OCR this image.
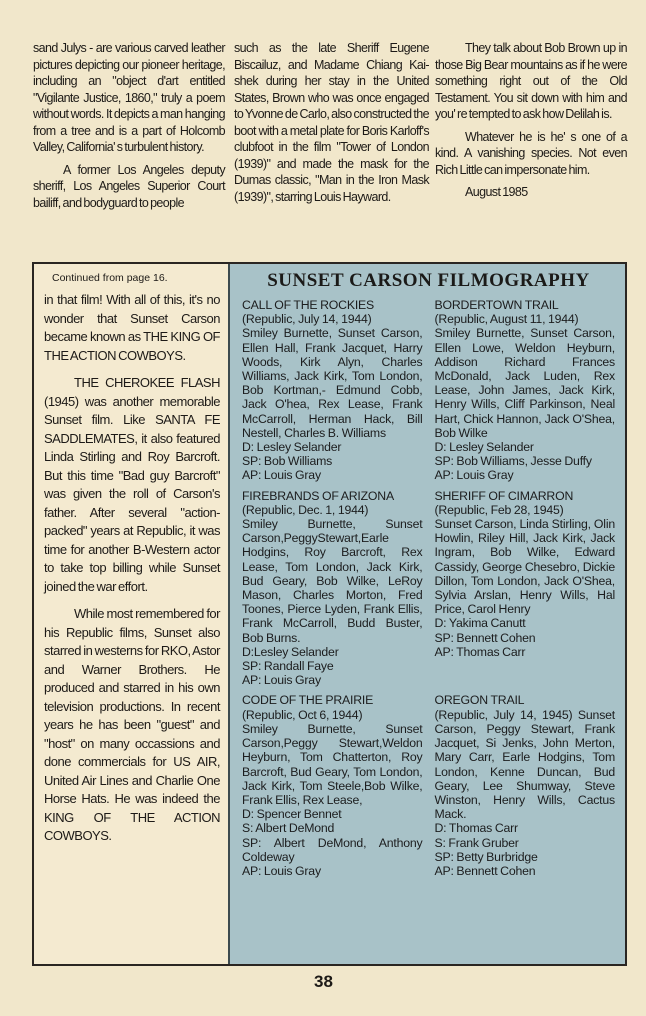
sand Julys - are various carved leather pictures depicting our pioneer heritage, including an "object d'art entitled "Vigilante Justice, 1860," truly a poem without words. It depicts a man hanging from a tree and is a part of Holcomb Valley, California' s turbulent history.

A former Los Angeles deputy sheriff, Los Angeles Superior Court bailiff, and bodyguard to people

such as the late Sheriff Eugene Biscailuz, and Madame Chiang Kai-shek during her stay in the United States, Brown who was once engaged to Yvonne de Carlo, also constructed the boot with a metal plate for Boris Karloff's clubfoot in the film "Tower of London (1939)" and made the mask for the Dumas classic, "Man in the Iron Mask (1939)", starring Louis Hayward.

They talk about Bob Brown up in those Big Bear mountains as if he were something right out of the Old Testament. You sit down with him and you' re tempted to ask how Delilah is.

Whatever he is he' s one of a kind. A vanishing species. Not even Rich Little can impersonate him.

August 1985

Continued from page 16.

in that film! With all of this, it's no wonder that Sunset Carson became known as THE KING OF THE ACTION COWBOYS.

THE CHEROKEE FLASH (1945) was another memorable Sunset film. Like SANTA FE SADDLEMATES, it also featured Linda Stirling and Roy Barcroft. But this time "Bad guy Barcroft" was given the roll of Carson's father. After several "action-packed" years at Republic, it was time for another B-Western actor to take top billing while Sunset joined the war effort.

While most remembered for his Republic films, Sunset also starred in westerns for RKO, Astor and Warner Brothers. He produced and starred in his own television productions. In recent years he has been "guest" and "host" on many occassions and done commercials for US AIR, United Air Lines and Charlie One Horse Hats. He was indeed the KING OF THE ACTION COWBOYS.

SUNSET CARSON FILMOGRAPHY
CALL OF THE ROCKIES
(Republic, July 14, 1944)
Smiley Burnette, Sunset Carson, Ellen Hall, Frank Jacquet, Harry Woods, Kirk Alyn, Charles Williams, Jack Kirk, Tom London, Bob Kortman,- Edmund Cobb, Jack O'hea, Rex Lease, Frank McCarroll, Herman Hack, Bill Nestell, Charles B. Williams
D: Lesley Selander
SP: Bob Williams
AP: Louis Gray
BORDERTOWN TRAIL
(Republic, August 11, 1944)
Smiley Burnette, Sunset Carson, Ellen Lowe, Weldon Heyburn, Addison Richard Frances McDonald, Jack Luden, Rex Lease, John James, Jack Kirk, Henry Wills, Cliff Parkinson, Neal Hart, Chick Hannon, Jack O'Shea, Bob Wilke
D: Lesley Selander
SP: Bob Williams, Jesse Duffy
AP: Louis Gray
FIREBRANDS OF ARIZONA
(Republic, Dec. 1, 1944)
Smiley Burnette, Sunset Carson,PeggyStewart,Earle Hodgins, Roy Barcroft, Rex Lease, Tom London, Jack Kirk, Bud Geary, Bob Wilke, LeRoy Mason, Charles Morton, Fred Toones, Pierce Lyden, Frank Ellis, Frank McCarroll, Budd Buster, Bob Burns.
D:Lesley Selander
SP: Randall Faye
AP: Louis Gray
SHERIFF OF CIMARRON
(Republic, Feb 28, 1945)
Sunset Carson, Linda Stirling, Olin Howlin, Riley Hill, Jack Kirk, Jack Ingram, Bob Wilke, Edward Cassidy, George Chesebro, Dickie Dillon, Tom London, Jack O'Shea, Sylvia Arslan, Henry Wills, Hal Price, Carol Henry
D: Yakima Canutt
SP: Bennett Cohen
AP: Thomas Carr
CODE OF THE PRAIRIE
(Republic, Oct 6, 1944)
Smiley Burnette, Sunset Carson,Peggy Stewart,Weldon Heyburn, Tom Chatterton, Roy Barcroft, Bud Geary, Tom London, Jack Kirk, Tom Steele,Bob Wilke, Frank Ellis, Rex Lease,
D: Spencer Bennet
S: Albert DeMond
SP: Albert DeMond, Anthony Coldeway
AP: Louis Gray
OREGON TRAIL
(Republic, July 14, 1945) Sunset Carson, Peggy Stewart, Frank Jacquet, Si Jenks, John Merton, Mary Carr, Earle Hodgins, Tom London, Kenne Duncan, Bud Geary, Lee Shumway, Steve Winston, Henry Wills, Cactus Mack.
D: Thomas Carr
S: Frank Gruber
SP: Betty Burbridge
AP: Bennett Cohen
38
